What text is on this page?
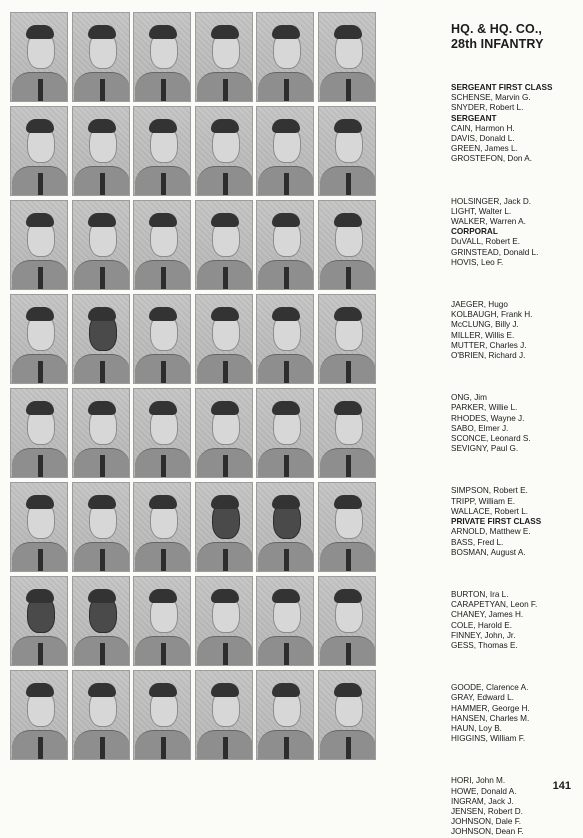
HQ. & HQ. CO.,
28th INFANTRY
SERGEANT FIRST CLASS
SCHENSE, Marvin G.
SNYDER, Robert L.
SERGEANT
CAIN, Harmon H.
DAVIS, Donald L.
GREEN, James L.
GROSTEFON, Don A.
HOLSINGER, Jack D.
LIGHT, Walter L.
WALKER, Warren A.
CORPORAL
DuVALL, Robert E.
GRINSTEAD, Donald L.
HOVIS, Leo F.
JAEGER, Hugo
KOLBAUGH, Frank H.
McCLUNG, Billy J.
MILLER, Willis E.
MUTTER, Charles J.
O'BRIEN, Richard J.
ONG, Jim
PARKER, Willie L.
RHODES, Wayne J.
SABO, Elmer J.
SCONCE, Leonard S.
SEVIGNY, Paul G.
SIMPSON, Robert E.
TRIPP, William E.
WALLACE, Robert L.
PRIVATE FIRST CLASS
ARNOLD, Matthew E.
BASS, Fred L.
BOSMAN, August A.
BURTON, Ira L.
CARAPETYAN, Leon F.
CHANEY, James H.
COLE, Harold E.
FINNEY, John, Jr.
GESS, Thomas E.
GOODE, Clarence A.
GRAY, Edward L.
HAMMER, George H.
HANSEN, Charles M.
HAUN, Loy B.
HIGGINS, William F.
HORI, John M.
HOWE, Donald A.
INGRAM, Jack J.
JENSEN, Robert D.
JOHNSON, Dale F.
JOHNSON, Dean F.
141
